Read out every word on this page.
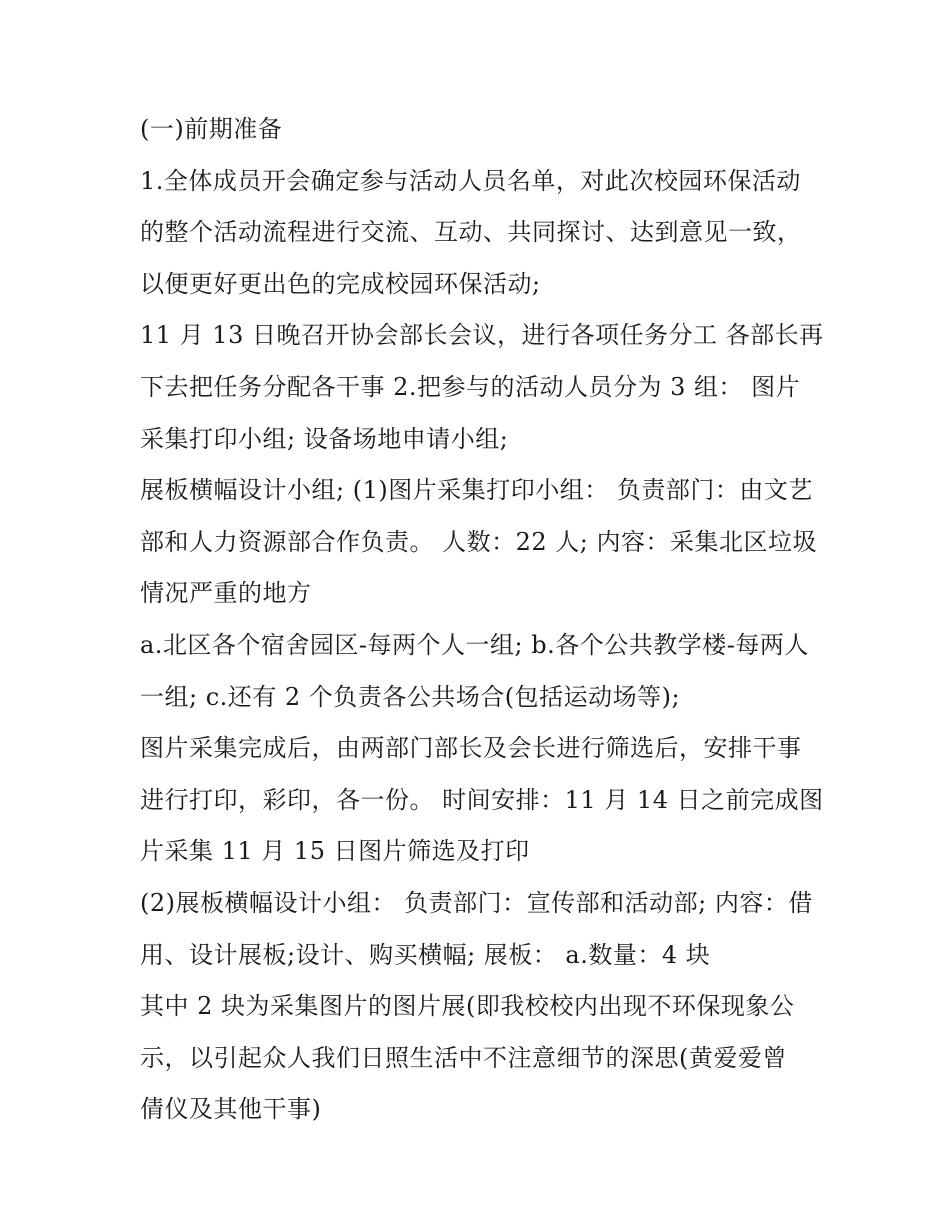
(一)前期准备

1.全体成员开会确定参与活动人员名单，对此次校园环保活动

的整个活动流程进行交流、互动、共同探讨、达到意见一致，

以便更好更出色的完成校园环保活动;

11 月 13 日晚召开协会部长会议，进行各项任务分工 各部长再

下去把任务分配各干事 2.把参与的活动人员分为 3 组： 图片

采集打印小组; 设备场地申请小组;

展板横幅设计小组; (1)图片采集打印小组： 负责部门：由文艺

部和人力资源部合作负责。 人数：22 人; 内容：采集北区垃圾

情况严重的地方

a.北区各个宿舍园区-每两个人一组; b.各个公共教学楼-每两人

一组; c.还有 2 个负责各公共场合(包括运动场等);

图片采集完成后，由两部门部长及会长进行筛选后，安排干事

进行打印，彩印，各一份。 时间安排：11 月 14 日之前完成图

片采集 11 月 15 日图片筛选及打印

(2)展板横幅设计小组： 负责部门：宣传部和活动部; 内容：借

用、设计展板;设计、购买横幅; 展板： a.数量：4 块

其中 2 块为采集图片的图片展(即我校校内出现不环保现象公

示，以引起众人我们日照生活中不注意细节的深思(黄爱爱曾

倩仪及其他干事)
